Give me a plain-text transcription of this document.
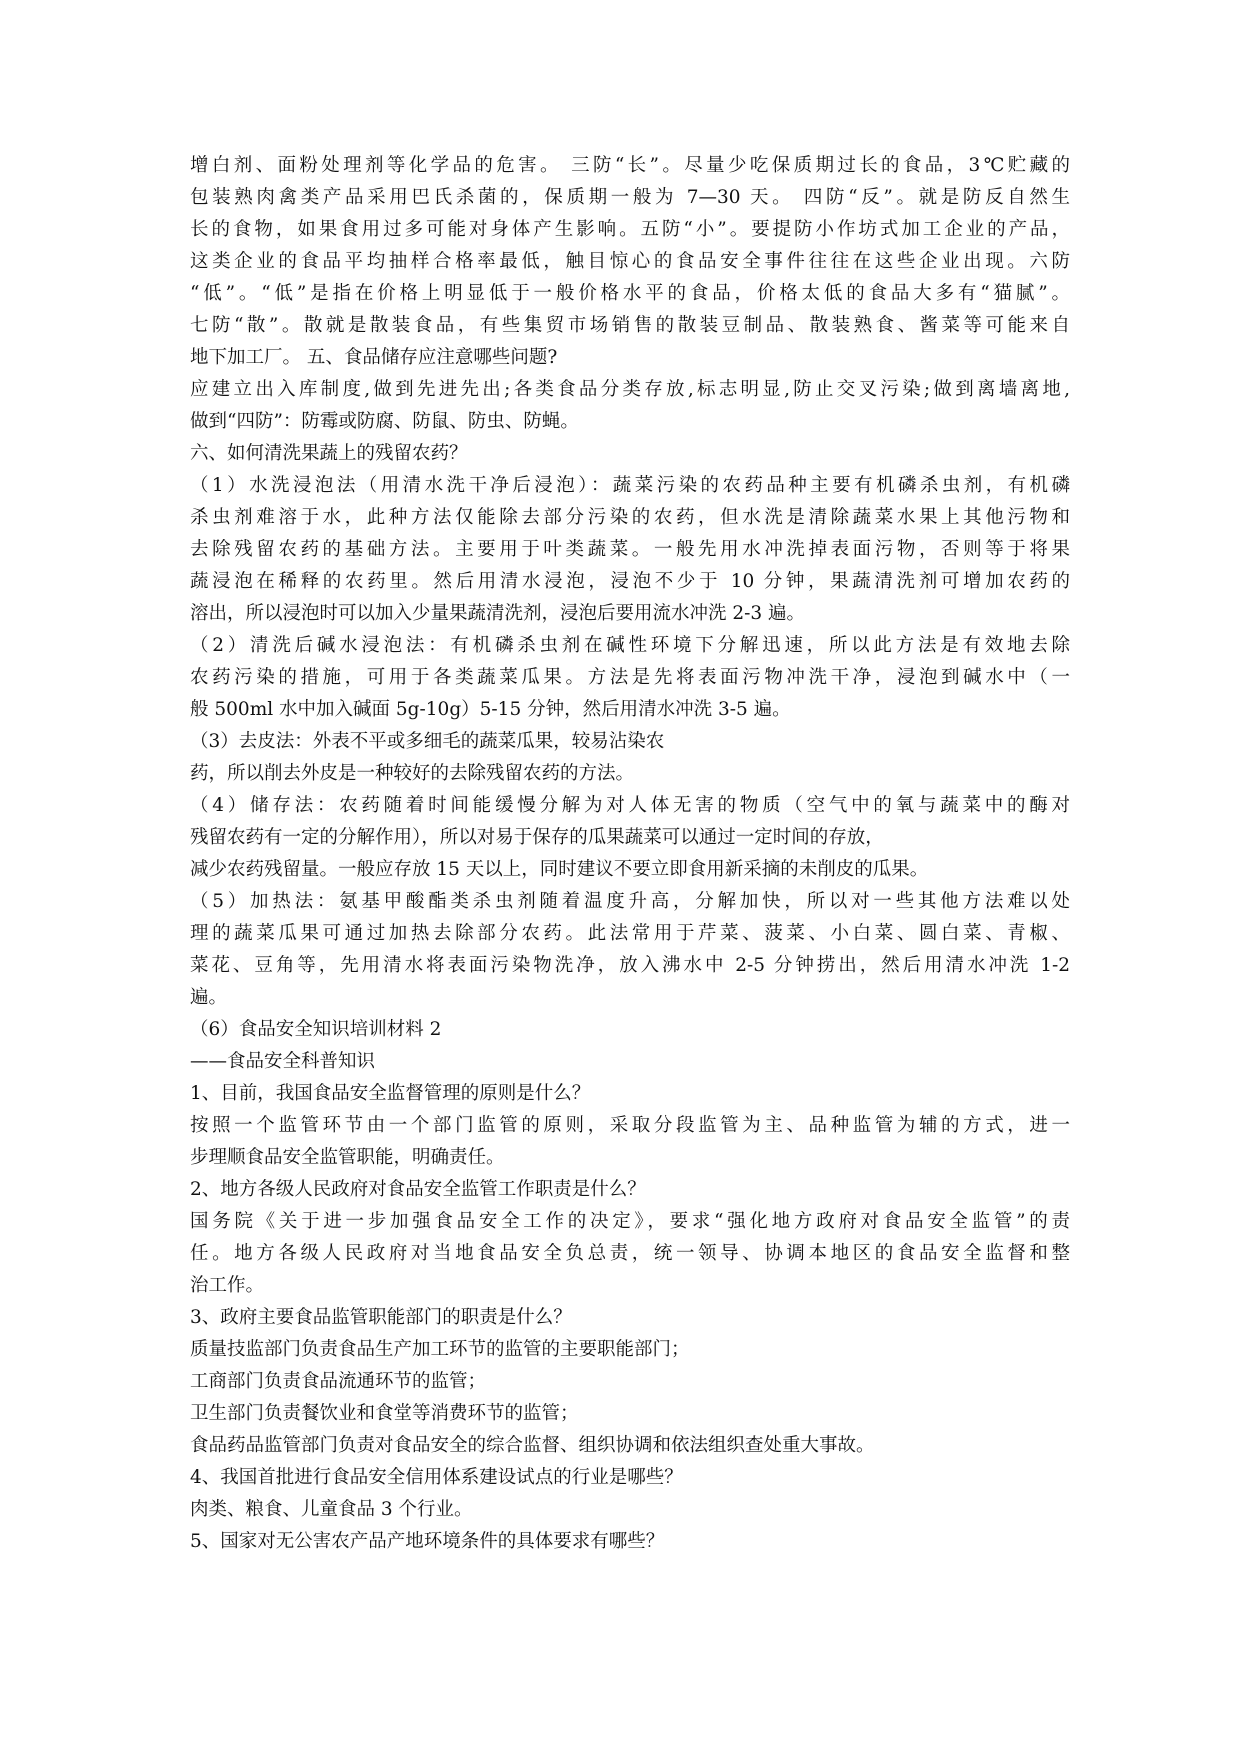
增白剂、面粉处理剂等化学品的危害。 三防“长”。尽量少吃保质期过长的食品，3℃贮藏的
包装熟肉禽类产品采用巴氏杀菌的，保质期一般为 7—30 天。 四防“反”。就是防反自然生
长的食物，如果食用过多可能对身体产生影响。五防“小”。要提防小作坊式加工企业的产品，
这类企业的食品平均抽样合格率最低，触目惊心的食品安全事件往往在这些企业出现。六防
“低”。“低”是指在价格上明显低于一般价格水平的食品，价格太低的食品大多有“猫腻”。
七防“散”。散就是散装食品，有些集贸市场销售的散装豆制品、散装熟食、酱菜等可能来自
地下加工厂。 五、食品储存应注意哪些问题?
应建立出入库制度,做到先进先出;各类食品分类存放,标志明显,防止交叉污染;做到离墙离地,
做到“四防”：防霉或防腐、防鼠、防虫、防蝇。
六、如何清洗果蔬上的残留农药？
（1）水洗浸泡法（用清水洗干净后浸泡）：蔬菜污染的农药品种主要有机磷杀虫剂，有机磷
杀虫剂难溶于水，此种方法仅能除去部分污染的农药，但水洗是清除蔬菜水果上其他污物和
去除残留农药的基础方法。主要用于叶类蔬菜。一般先用水冲洗掉表面污物，否则等于将果
蔬浸泡在稀释的农药里。然后用清水浸泡，浸泡不少于 10 分钟，果蔬清洗剂可增加农药的
溶出，所以浸泡时可以加入少量果蔬清洗剂，浸泡后要用流水冲洗 2-3 遍。
（2）清洗后碱水浸泡法：有机磷杀虫剂在碱性环境下分解迅速，所以此方法是有效地去除
农药污染的措施，可用于各类蔬菜瓜果。方法是先将表面污物冲洗干净，浸泡到碱水中（一
般 500ml 水中加入碱面 5g-10g）5-15 分钟，然后用清水冲洗 3-5 遍。
（3）去皮法：外表不平或多细毛的蔬菜瓜果，较易沾染农
药，所以削去外皮是一种较好的去除残留农药的方法。
（4）储存法：农药随着时间能缓慢分解为对人体无害的物质（空气中的氧与蔬菜中的酶对
残留农药有一定的分解作用），所以对易于保存的瓜果蔬菜可以通过一定时间的存放，
减少农药残留量。一般应存放 15 天以上，同时建议不要立即食用新采摘的未削皮的瓜果。
（5）加热法：氨基甲酸酯类杀虫剂随着温度升高，分解加快，所以对一些其他方法难以处
理的蔬菜瓜果可通过加热去除部分农药。此法常用于芹菜、菠菜、小白菜、圆白菜、青椒、
菜花、豆角等，先用清水将表面污染物洗净，放入沸水中 2-5 分钟捞出，然后用清水冲洗 1-2
遍。
（6）食品安全知识培训材料 2
——食品安全科普知识
1、目前，我国食品安全监督管理的原则是什么？
按照一个监管环节由一个部门监管的原则，采取分段监管为主、品种监管为辅的方式，进一
步理顺食品安全监管职能，明确责任。
2、地方各级人民政府对食品安全监管工作职责是什么？
国务院《关于进一步加强食品安全工作的决定》，要求“强化地方政府对食品安全监管”的责
任。地方各级人民政府对当地食品安全负总责，统一领导、协调本地区的食品安全监督和整
治工作。
3、政府主要食品监管职能部门的职责是什么？
质量技监部门负责食品生产加工环节的监管的主要职能部门；
工商部门负责食品流通环节的监管；
卫生部门负责餐饮业和食堂等消费环节的监管；
食品药品监管部门负责对食品安全的综合监督、组织协调和依法组织查处重大事故。
4、我国首批进行食品安全信用体系建设试点的行业是哪些？
肉类、粮食、儿童食品 3 个行业。
5、国家对无公害农产品产地环境条件的具体要求有哪些？
